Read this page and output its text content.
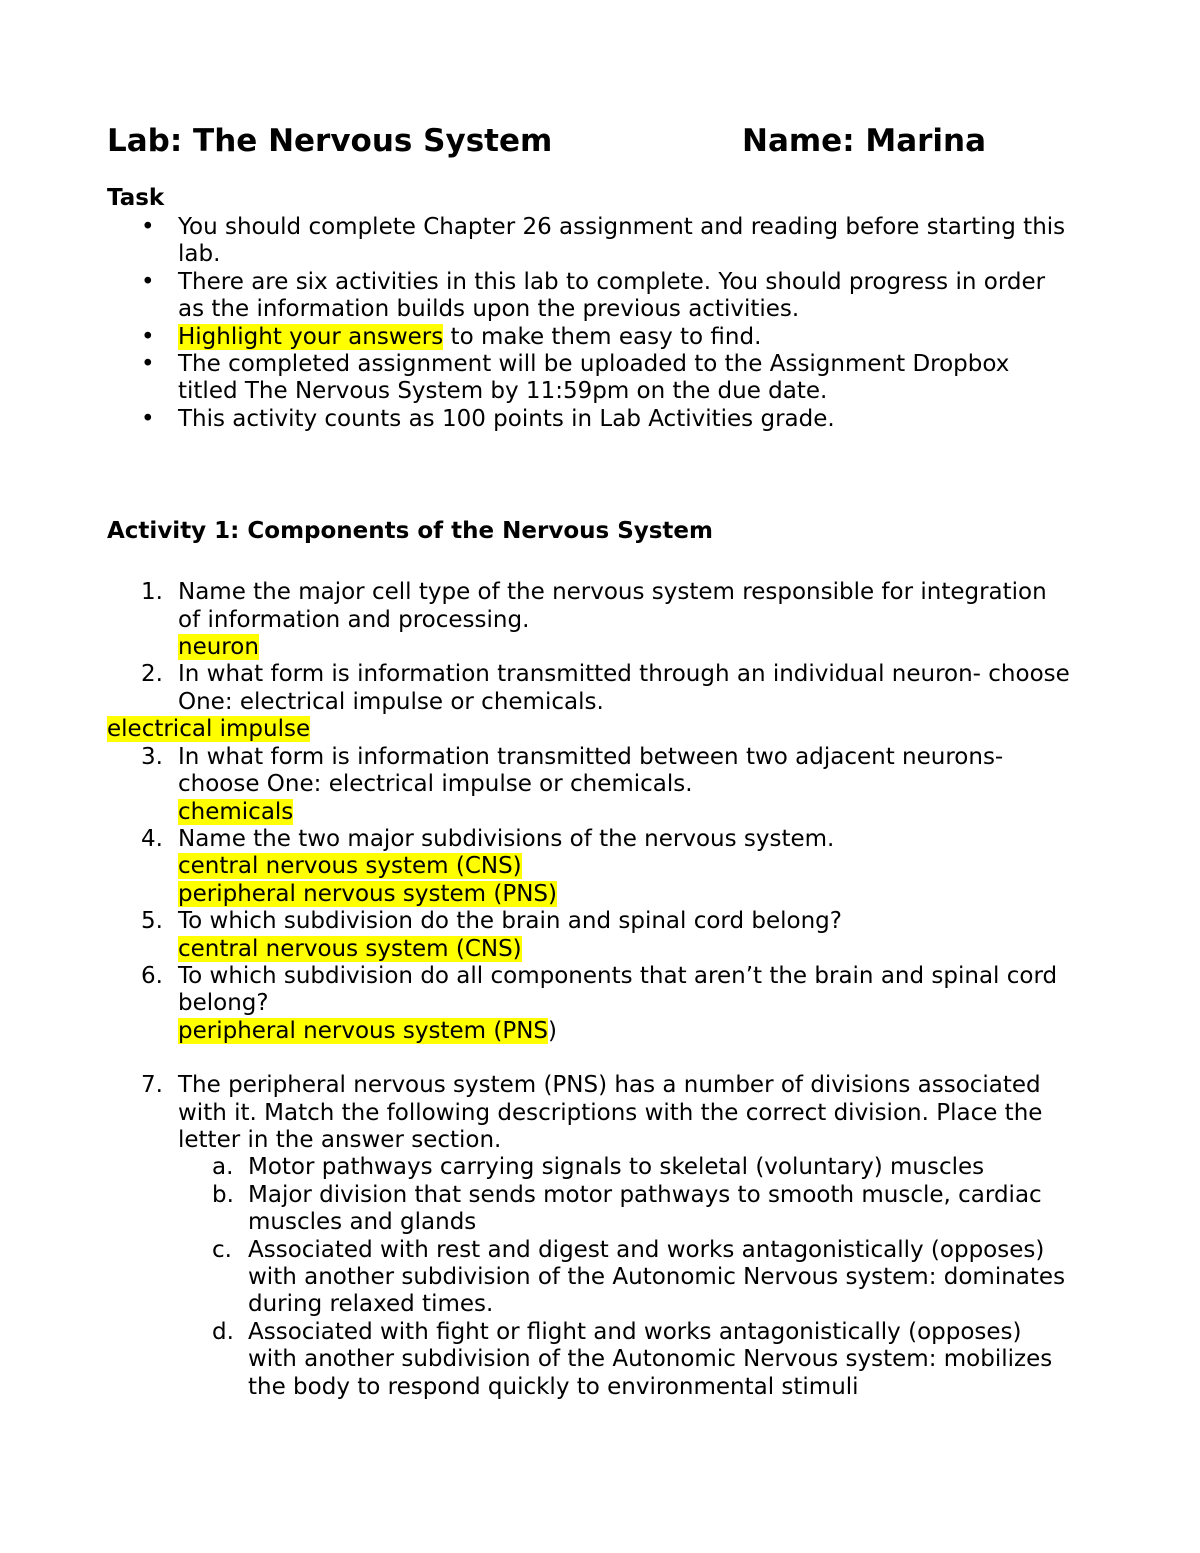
Lab: The Nervous System	Name: Marina

Task

• You should complete Chapter 26 assignment and reading before starting this

lab.

• There are six activities in this lab to complete. You should progress in order

as the information builds upon the previous activities.

• Highlight your answers to make them easy to find.

• The completed assignment will be uploaded to the Assignment Dropbox

titled The Nervous System by 11:59pm on the due date.

• This activity counts as 100 points in Lab Activities grade.

Activity 1: Components of the Nervous System

1. Name the major cell type of the nervous system responsible for integration

of information and processing.

neuron

2. In what form is information transmitted through an individual neuron- choose

One: electrical impulse or chemicals.

electrical impulse

3. In what form is information transmitted between two adjacent neurons-

choose One: electrical impulse or chemicals.

chemicals

4. Name the two major subdivisions of the nervous system.

central nervous system (CNS)

peripheral nervous system (PNS)

5. To which subdivision do the brain and spinal cord belong?

central nervous system (CNS)

6. To which subdivision do all components that aren’t the brain and spinal cord

belong?

peripheral nervous system (PNS)

7. The peripheral nervous system (PNS) has a number of divisions associated

with it. Match the following descriptions with the correct division. Place the

letter in the answer section.

a. Motor pathways carrying signals to skeletal (voluntary) muscles

b. Major division that sends motor pathways to smooth muscle, cardiac

muscles and glands

c. Associated with rest and digest and works antagonistically (opposes)

with another subdivision of the Autonomic Nervous system: dominates

during relaxed times.

d. Associated with fight or flight and works antagonistically (opposes)

with another subdivision of the Autonomic Nervous system: mobilizes

the body to respond quickly to environmental stimuli
